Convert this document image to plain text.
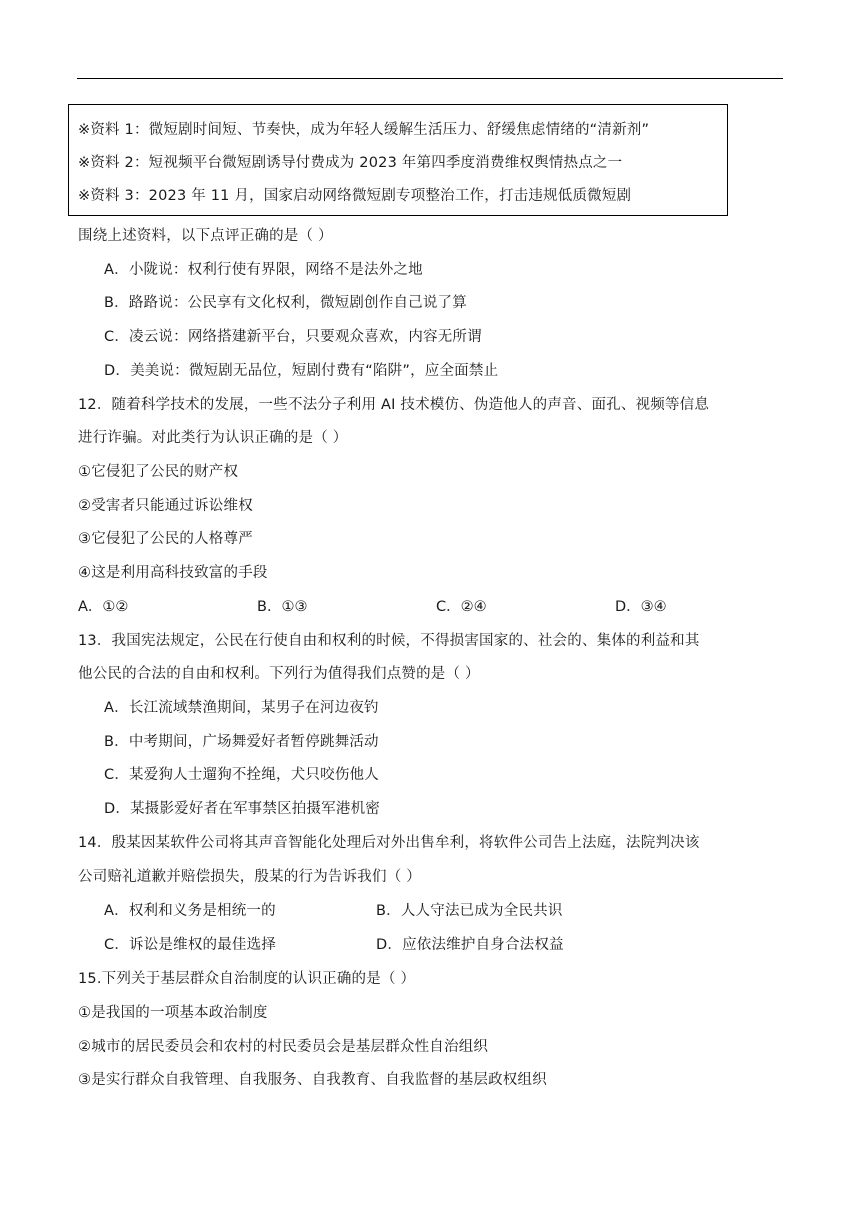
※资料 1：微短剧时间短、节奏快，成为年轻人缓解生活压力、舒缓焦虑情绪的“清新剂”
※资料 2：短视频平台微短剧诱导付费成为 2023 年第四季度消费维权舆情热点之一
※资料 3：2023 年 11 月，国家启动网络微短剧专项整治工作，打击违规低质微短剧
围绕上述资料，以下点评正确的是（ ）
A．小陇说：权利行使有界限，网络不是法外之地
B．路路说：公民享有文化权利，微短剧创作自己说了算
C．凌云说：网络搭建新平台，只要观众喜欢，内容无所谓
D．美美说：微短剧无品位，短剧付费有“陷阱”，应全面禁止
12．随着科学技术的发展，一些不法分子利用 AI 技术模仿、伪造他人的声音、面孔、视频等信息
进行诈骗。对此类行为认识正确的是（ ）
①它侵犯了公民的财产权
②受害者只能通过诉讼维权
③它侵犯了公民的人格尊严
④这是利用高科技致富的手段
A．①②	B．①③	C．②④	D．③④
13．我国宪法规定，公民在行使自由和权利的时候，不得损害国家的、社会的、集体的利益和其
他公民的合法的自由和权利。下列行为值得我们点赞的是（ ）
A．长江流域禁渔期间，某男子在河边夜钓
B．中考期间，广场舞爱好者暂停跳舞活动
C．某爱狗人士遛狗不拴绳，犬只咬伤他人
D．某摄影爱好者在军事禁区拍摄军港机密
14．殷某因某软件公司将其声音智能化处理后对外出售牟利，将软件公司告上法庭，法院判决该
公司赔礼道歉并赔偿损失，殷某的行为告诉我们（ ）
A．权利和义务是相统一的	B．人人守法已成为全民共识
C．诉讼是维权的最佳选择	D．应依法维护自身合法权益
15.下列关于基层群众自治制度的认识正确的是（ ）
①是我国的一项基本政治制度
②城市的居民委员会和农村的村民委员会是基层群众性自治组织
③是实行群众自我管理、自我服务、自我教育、自我监督的基层政权组织
